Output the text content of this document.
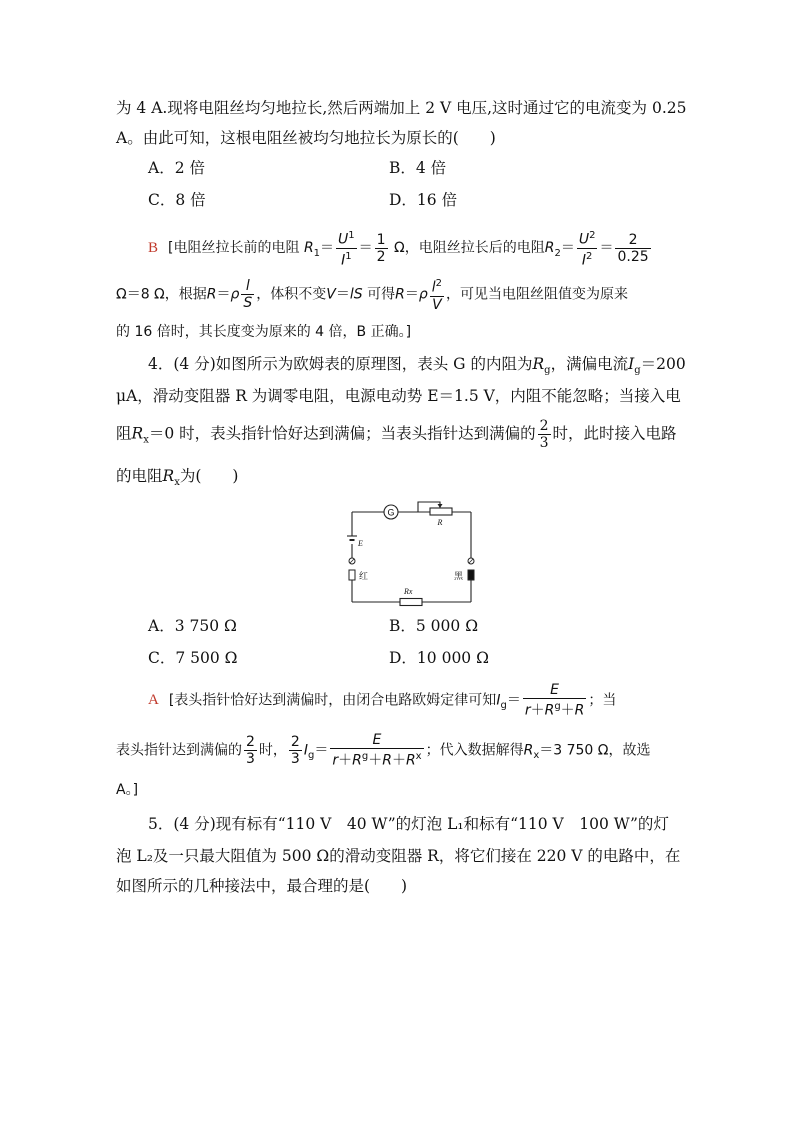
为 4 A.现将电阻丝均匀地拉长,然后两端加上 2 V 电压,这时通过它的电流变为 0.25
A。由此可知，这根电阻丝被均匀地拉长为原长的(　　)
A．2 倍	B．4 倍
C．8 倍	D．16 倍
B [电阻丝拉长前的电阻 $R_1= \frac{U^1}{I^1} = \frac{1}{2}$ Ω，电阻丝拉长后的电阻$R_2= \frac{U^2}{I^2} = \frac{2}{0.25}$
Ω＝8 Ω，根据$R=\rho \frac{l}{S}$ ，体积不变V＝lS 可得$R=\rho \frac{l^2}{V}$ ，可见当电阻丝阻值变为原来
的 16 倍时，其长度变为原来的 4 倍，B 正确。]
4．(4 分)如图所示为欧姆表的原理图，表头 G 的内阻为$R_g$，满偏电流$I_g=200$
μA，滑动变阻器 R 为调零电阻，电源电动势 E＝1.5 V，内阻不能忽略；当接入电
阻$R_x=0$ 时，表头指针恰好达到满偏；当表头指针达到满偏的 $\frac{2}{3}$ 时，此时接入电路
的电阻$R_x$为(　　)
G
R
E
红	黑
Rx
A．3 750 Ω	B．5 000 Ω
C．7 500 Ω	D．10 000 Ω
A [表头指针恰好达到满偏时，由闭合电路欧姆定律可知$I_g= \frac{E}{r+R^g+R}$ ；当
表头指针达到满偏的 $\frac{2}{3}$ 时， $\frac{2}{3} I_g= \frac{E}{r+R^g+R+R^x}$ ；代入数据解得$R_x=3$ 750 Ω，故选
A。]
5．(4 分)现有标有“110 V　40 W”的灯泡 L₁和标有“110 V　100 W”的灯
泡 L₂及一只最大阻值为 500 Ω的滑动变阻器 R，将它们接在 220 V 的电路中，在
如图所示的几种接法中，最合理的是(　　)
